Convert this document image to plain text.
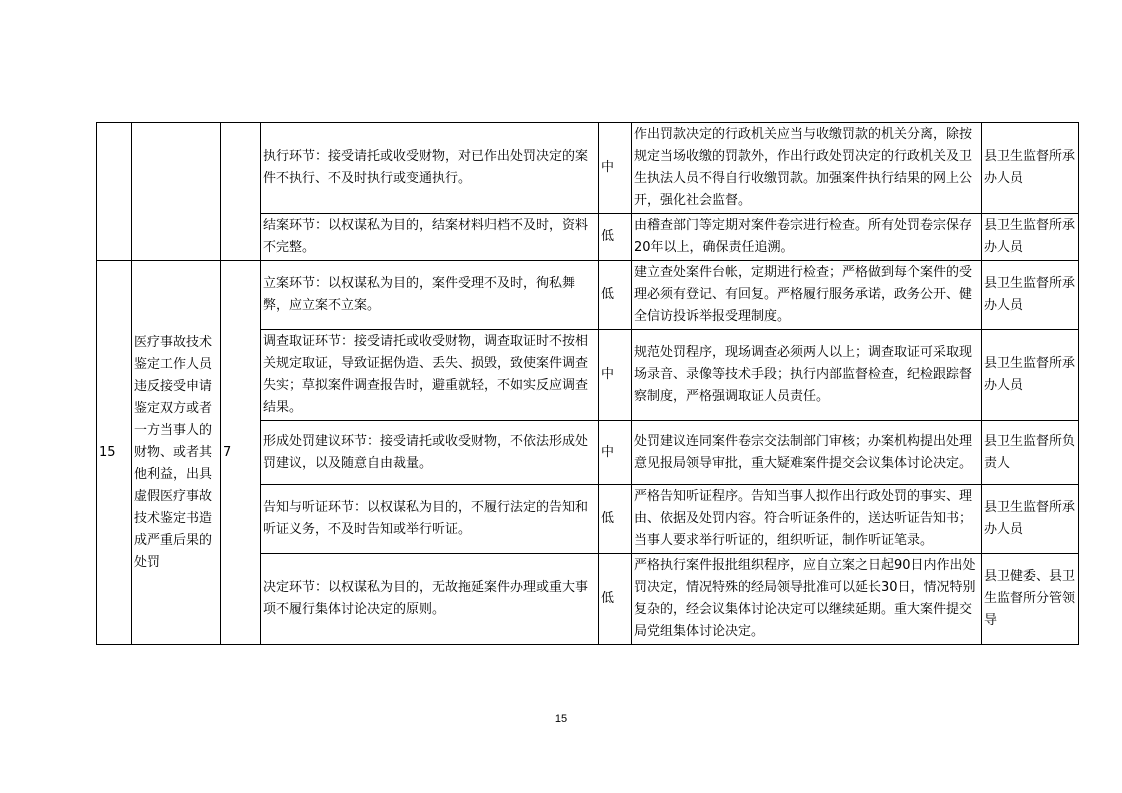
			执行环节：接受请托或收受财物，对已作出处罚决定的案件不执行、不及时执行或变通执行。	中	作出罚款决定的行政机关应当与收缴罚款的机关分离，除按规定当场收缴的罚款外，作出行政处罚决定的行政机关及卫生执法人员不得自行收缴罚款。加强案件执行结果的网上公开，强化社会监督。	县卫生监督所承办人员
			结案环节：以权谋私为目的，结案材料归档不及时，资料不完整。	低	由稽查部门等定期对案件卷宗进行检查。所有处罚卷宗保存20年以上，确保责任追溯。	县卫生监督所承办人员
15	医疗事故技术鉴定工作人员违反接受申请鉴定双方或者一方当事人的财物、或者其他利益，出具虚假医疗事故技术鉴定书造成严重后果的处罚	7	立案环节：以权谋私为目的，案件受理不及时，徇私舞弊，应立案不立案。	低	建立查处案件台帐，定期进行检查；严格做到每个案件的受理必须有登记、有回复。严格履行服务承诺，政务公开、健全信访投诉举报受理制度。	县卫生监督所承办人员
			调查取证环节：接受请托或收受财物，调查取证时不按相关规定取证，导致证据伪造、丢失、损毁，致使案件调查失实；草拟案件调查报告时，避重就轻，不如实反应调查结果。	中	规范处罚程序，现场调查必须两人以上；调查取证可采取现场录音、录像等技术手段；执行内部监督检查，纪检跟踪督察制度，严格强调取证人员责任。	县卫生监督所承办人员
			形成处罚建议环节：接受请托或收受财物，不依法形成处罚建议，以及随意自由裁量。	中	处罚建议连同案件卷宗交法制部门审核；办案机构提出处理意见报局领导审批，重大疑难案件提交会议集体讨论决定。	县卫生监督所负责人
			告知与听证环节：以权谋私为目的，不履行法定的告知和听证义务，不及时告知或举行听证。	低	严格告知听证程序。告知当事人拟作出行政处罚的事实、理由、依据及处罚内容。符合听证条件的，送达听证告知书；当事人要求举行听证的，组织听证，制作听证笔录。	县卫生监督所承办人员
			决定环节：以权谋私为目的，无故拖延案件办理或重大事项不履行集体讨论决定的原则。	低	严格执行案件报批组织程序，应自立案之日起90日内作出处罚决定，情况特殊的经局领导批准可以延长30日，情况特别复杂的，经会议集体讨论决定可以继续延期。重大案件提交局党组集体讨论决定。	县卫健委、县卫生监督所分管领导
15
